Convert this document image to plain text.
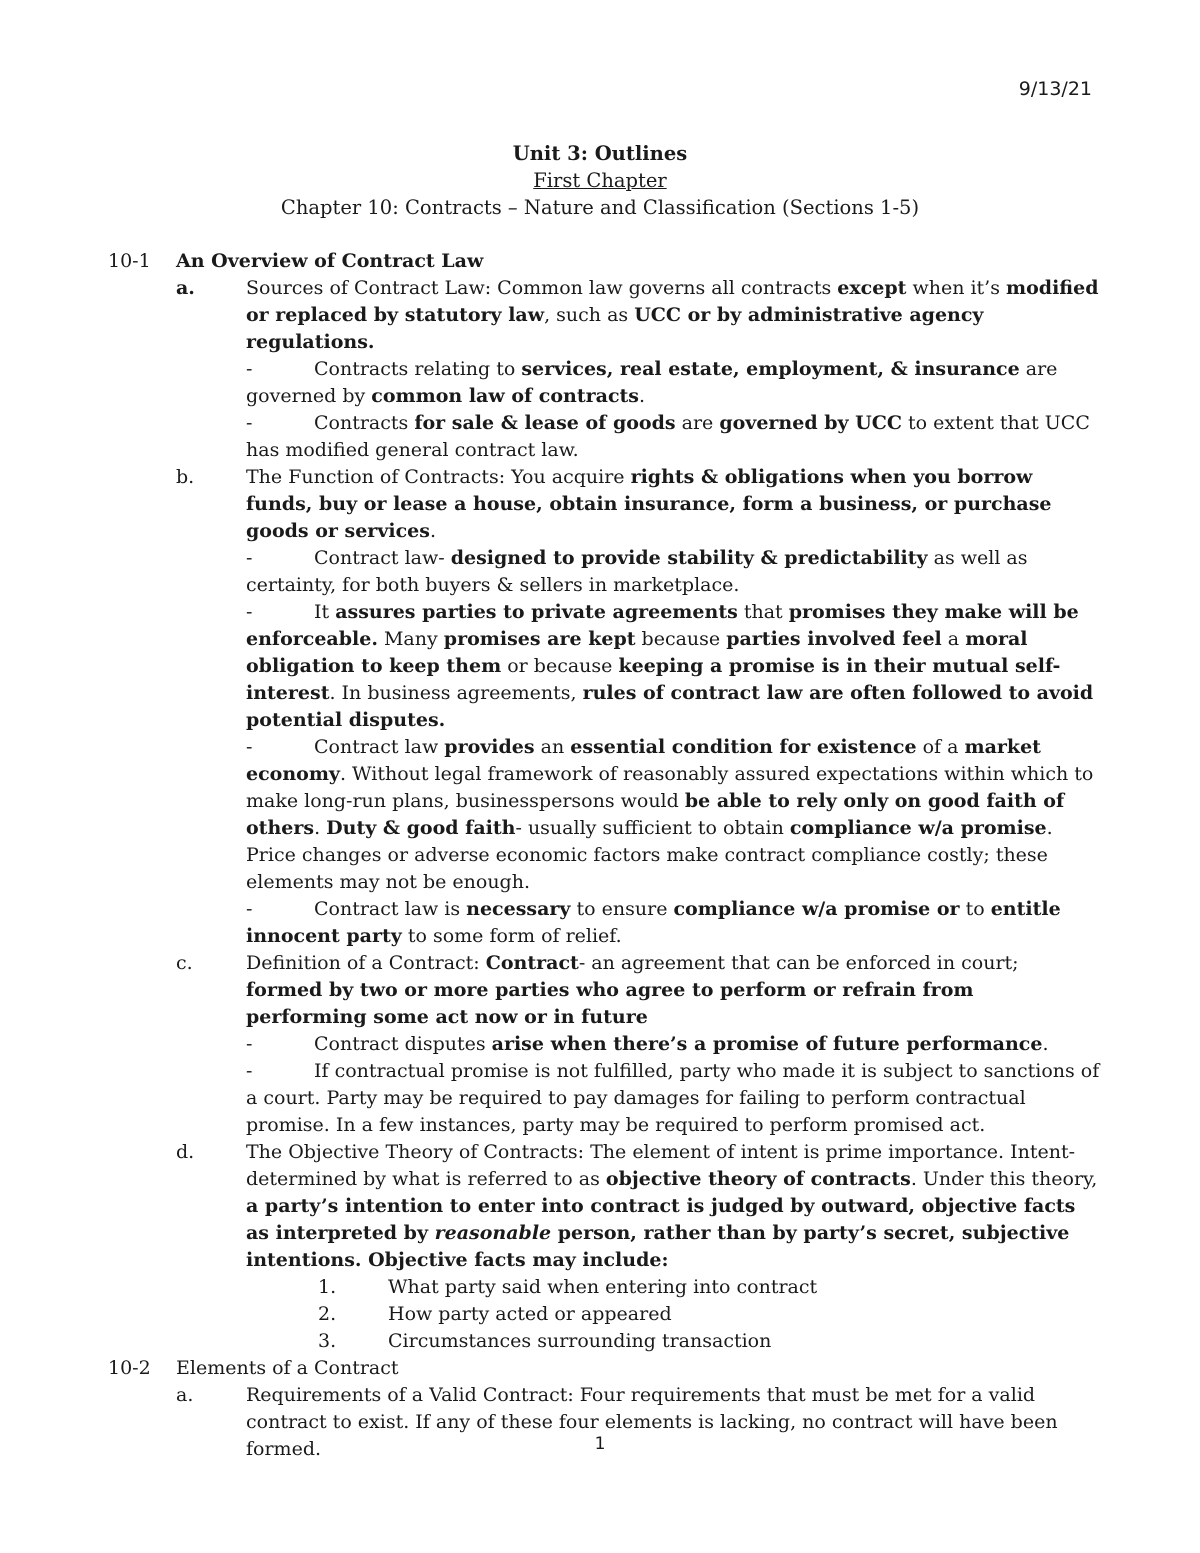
9/13/21
Unit 3: Outlines
First Chapter
Chapter 10: Contracts – Nature and Classification (Sections 1-5)
10-1 An Overview of Contract Law
a.	Sources of Contract Law: Common law governs all contracts except when it’s modified or replaced by statutory law, such as UCC or by administrative agency regulations.
-	Contracts relating to services, real estate, employment, & insurance are governed by common law of contracts.
-	Contracts for sale & lease of goods are governed by UCC to extent that UCC has modified general contract law.
b.	The Function of Contracts: You acquire rights & obligations when you borrow funds, buy or lease a house, obtain insurance, form a business, or purchase goods or services.
-	Contract law- designed to provide stability & predictability as well as certainty, for both buyers & sellers in marketplace.
-	It assures parties to private agreements that promises they make will be enforceable. Many promises are kept because parties involved feel a moral obligation to keep them or because keeping a promise is in their mutual self-interest. In business agreements, rules of contract law are often followed to avoid potential disputes.
-	Contract law provides an essential condition for existence of a market economy. Without legal framework of reasonably assured expectations within which to make long-run plans, businesspersons would be able to rely only on good faith of others. Duty & good faith- usually sufficient to obtain compliance w/a promise. Price changes or adverse economic factors make contract compliance costly; these elements may not be enough.
-	Contract law is necessary to ensure compliance w/a promise or to entitle innocent party to some form of relief.
c.	Definition of a Contract: Contract- an agreement that can be enforced in court; formed by two or more parties who agree to perform or refrain from performing some act now or in future
-	Contract disputes arise when there’s a promise of future performance.
-	If contractual promise is not fulfilled, party who made it is subject to sanctions of a court. Party may be required to pay damages for failing to perform contractual promise. In a few instances, party may be required to perform promised act.
d.	The Objective Theory of Contracts: The element of intent is prime importance. Intent- determined by what is referred to as objective theory of contracts. Under this theory, a party’s intention to enter into contract is judged by outward, objective facts as interpreted by reasonable person, rather than by party’s secret, subjective intentions. Objective facts may include:
1.	What party said when entering into contract
2.	How party acted or appeared
3.	Circumstances surrounding transaction
10-2 Elements of a Contract
a.	Requirements of a Valid Contract: Four requirements that must be met for a valid contract to exist. If any of these four elements is lacking, no contract will have been formed.	1
